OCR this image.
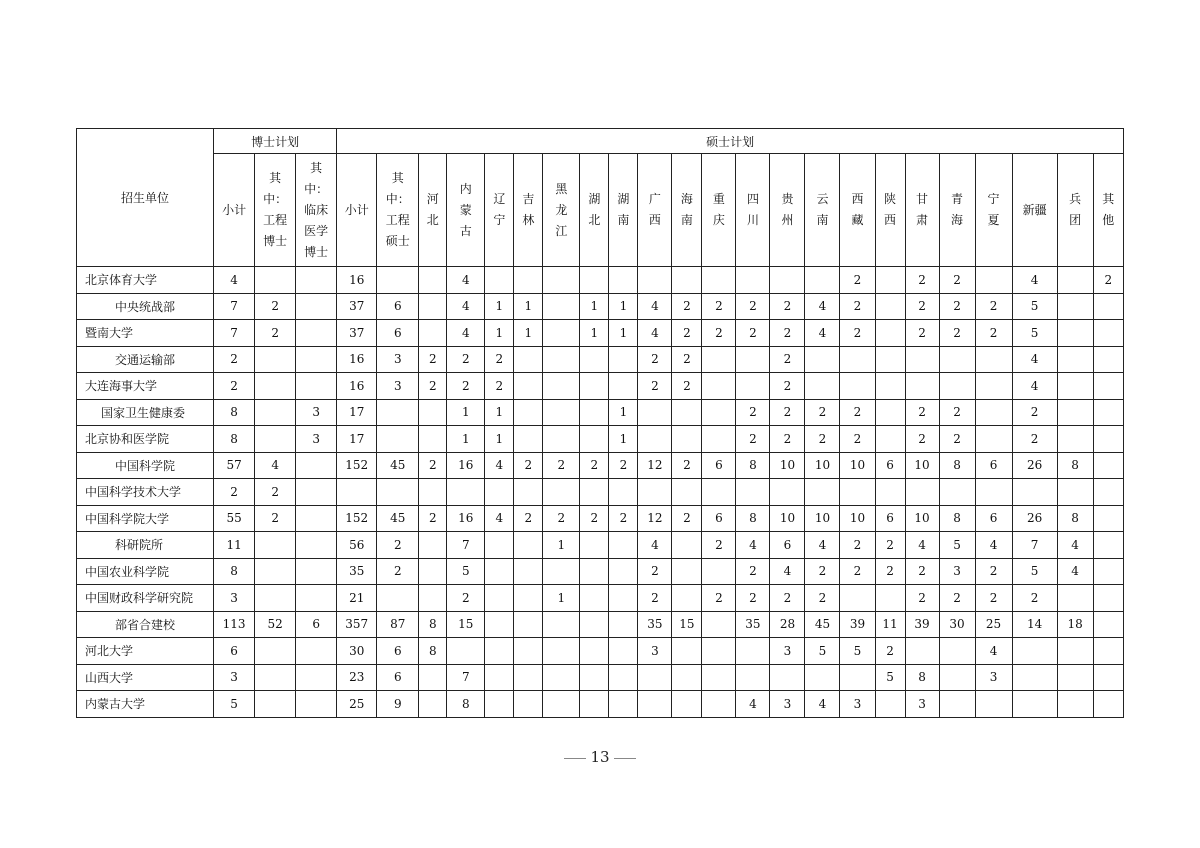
招生单位	博士计划			硕士计划																						
	小计	其
中：
工程
博士	其
中：
临床
医学
博士	小计	其
中：
工程
硕士	河
北	内
蒙
古	辽
宁	吉
林	黑
龙
江	湖
北	湖
南	广
西	海
南	重
庆	四
川	贵
州	云
南	西
藏	陕
西	甘
肃	青
海	宁
夏	新疆	兵
团	其
他
北京体育大学	4			16			4												2		2	2		4		2
中央统战部	7	2		37	6		4	1	1		1	1	4	2	2	2	2	4	2		2	2	2	5		
暨南大学	7	2		37	6		4	1	1		1	1	4	2	2	2	2	4	2		2	2	2	5		
交通运输部	2			16	3	2	2	2					2	2			2							4		
大连海事大学	2			16	3	2	2	2					2	2			2							4		
国家卫生健康委	8		3	17			1	1				1				2	2	2	2		2	2		2		
北京协和医学院	8		3	17			1	1				1				2	2	2	2		2	2		2		
中国科学院	57	4		152	45	2	16	4	2	2	2	2	12	2	6	8	10	10	10	6	10	8	6	26	8	
中国科学技术大学	2	2																								
中国科学院大学	55	2		152	45	2	16	4	2	2	2	2	12	2	6	8	10	10	10	6	10	8	6	26	8	
科研院所	11			56	2		7			1			4		2	4	6	4	2	2	4	5	4	7	4	
中国农业科学院	8			35	2		5						2			2	4	2	2	2	2	3	2	5	4	
中国财政科学研究院	3			21			2			1			2		2	2	2	2			2	2	2	2		
部省合建校	113	52	6	357	87	8	15						35	15		35	28	45	39	11	39	30	25	14	18	
河北大学	6			30	6	8							3				3	5	5	2			4			
山西大学	3			23	6		7													5	8		3			
内蒙古大学	5			25	9		8									4	3	4	3		3					
13
